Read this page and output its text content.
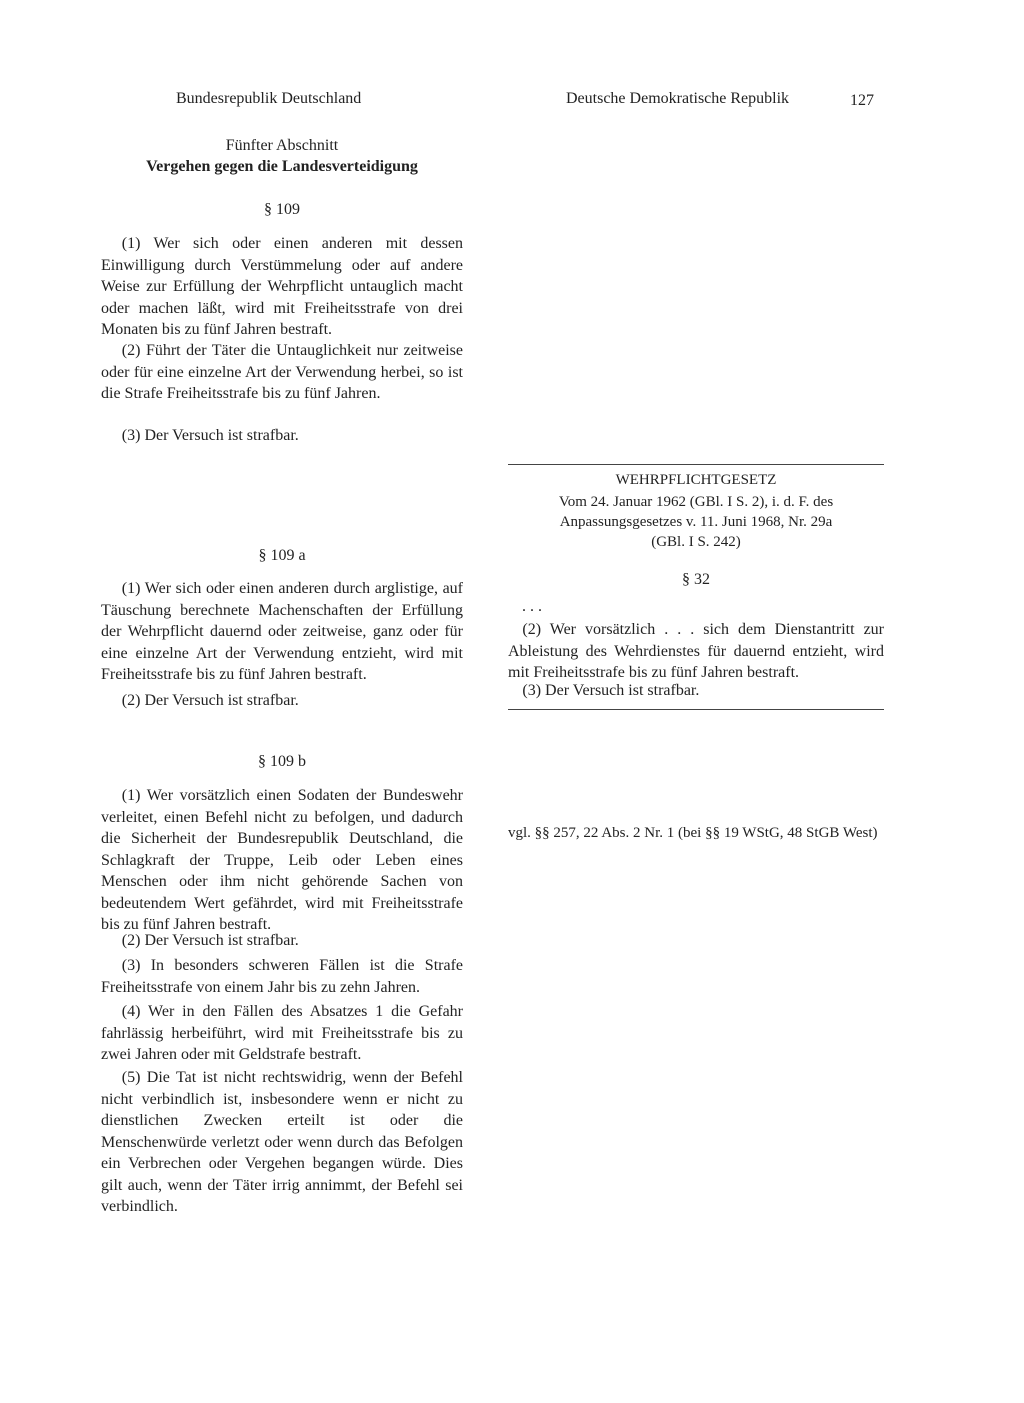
Bundesrepublik Deutschland	Deutsche Demokratische Republik	127
Fünfter Abschnitt
Vergehen gegen die Landesverteidigung
§ 109

(1) Wer sich oder einen anderen mit dessen Einwilligung durch Verstümmelung oder auf andere Weise zur Erfüllung der Wehrpflicht untauglich macht oder machen läßt, wird mit Freiheitsstrafe von drei Monaten bis zu fünf Jahren bestraft.

(2) Führt der Täter die Untauglichkeit nur zeitweise oder für eine einzelne Art der Verwendung herbei, so ist die Strafe Freiheitsstrafe bis zu fünf Jahren.

(3) Der Versuch ist strafbar.

§ 109 a

(1) Wer sich oder einen anderen durch arglistige, auf Täuschung berechnete Machenschaften der Erfüllung der Wehrpflicht dauernd oder zeitweise, ganz oder für eine einzelne Art der Verwendung entzieht, wird mit Freiheitsstrafe bis zu fünf Jahren bestraft.

(2) Der Versuch ist strafbar.

§ 109 b

(1) Wer vorsätzlich einen Sodaten der Bundeswehr verleitet, einen Befehl nicht zu befolgen, und dadurch die Sicherheit der Bundesrepublik Deutschland, die Schlagkraft der Truppe, Leib oder Leben eines Menschen oder ihm nicht gehörende Sachen von bedeutendem Wert gefährdet, wird mit Freiheitsstrafe bis zu fünf Jahren bestraft.

(2) Der Versuch ist strafbar.

(3) In besonders schweren Fällen ist die Strafe Freiheitsstrafe von einem Jahr bis zu zehn Jahren.

(4) Wer in den Fällen des Absatzes 1 die Gefahr fahrlässig herbeiführt, wird mit Freiheitsstrafe bis zu zwei Jahren oder mit Geldstrafe bestraft.

(5) Die Tat ist nicht rechtswidrig, wenn der Befehl nicht verbindlich ist, insbesondere wenn er nicht zu dienstlichen Zwecken erteilt ist oder die Menschenwürde verletzt oder wenn durch das Befolgen ein Verbrechen oder Vergehen begangen würde. Dies gilt auch, wenn der Täter irrig annimmt, der Befehl sei verbindlich.

WEHRPFLICHTGESETZ
Vom 24. Januar 1962 (GBl. I S. 2), i. d. F. des
Anpassungsgesetzes v. 11. Juni 1968, Nr. 29a
(GBl. I S. 242)
§ 32
. . .

(2) Wer vorsätzlich . . . sich dem Dienstantritt zur Ableistung des Wehrdienstes für dauernd entzieht, wird mit Freiheitsstrafe bis zu fünf Jahren bestraft.

(3) Der Versuch ist strafbar.

vgl. §§ 257, 22 Abs. 2 Nr. 1 (bei §§ 19 WStG, 48 StGB West)
